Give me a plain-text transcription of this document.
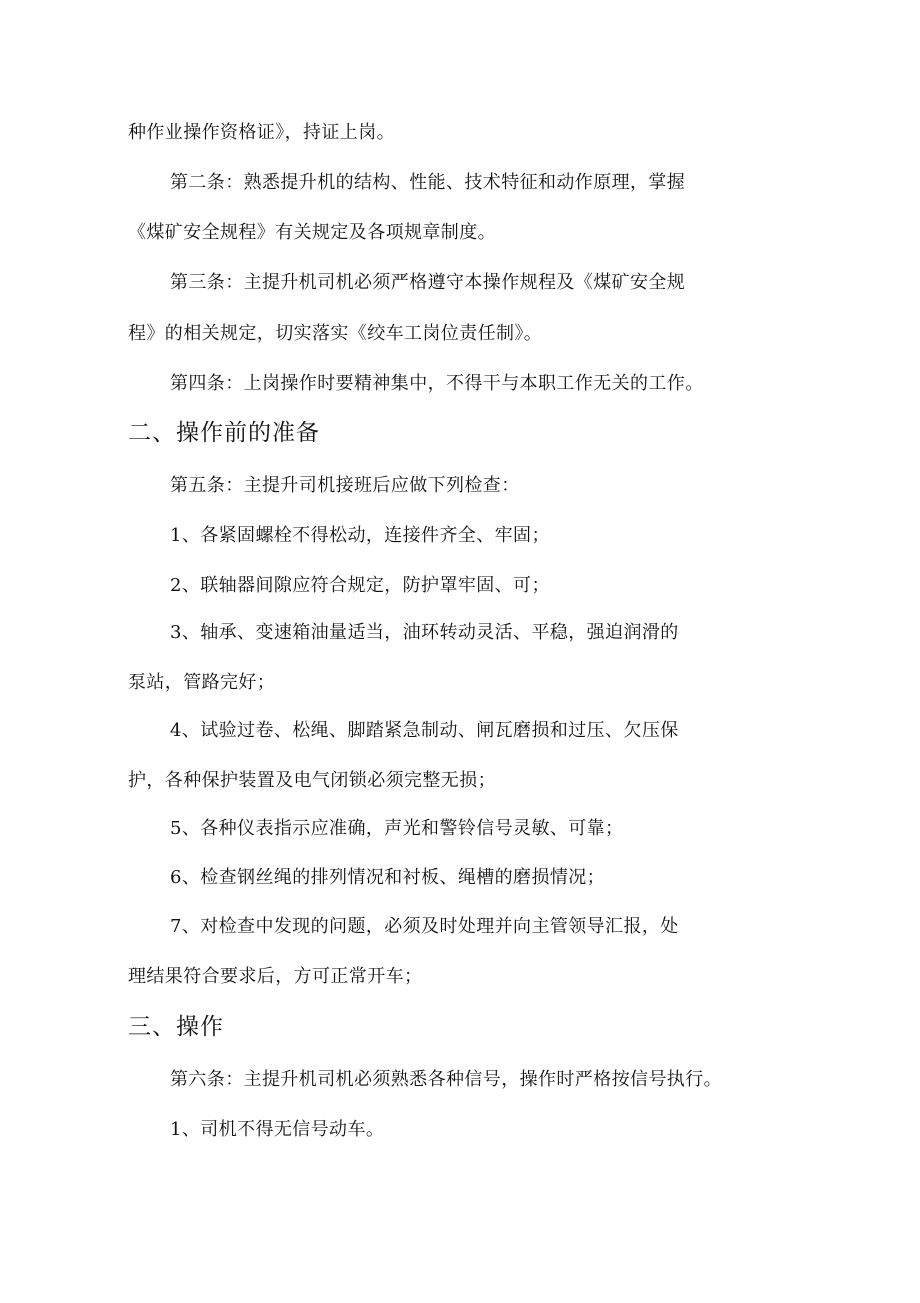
种作业操作资格证》，持证上岗。
第二条：熟悉提升机的结构、性能、技术特征和动作原理，掌握
《煤矿安全规程》有关规定及各项规章制度。
第三条：主提升机司机必须严格遵守本操作规程及《煤矿安全规
程》的相关规定，切实落实《绞车工岗位责任制》。
第四条：上岗操作时要精神集中，不得干与本职工作无关的工作。
二、操作前的准备
第五条：主提升司机接班后应做下列检查：
1、各紧固螺栓不得松动，连接件齐全、牢固；
2、联轴器间隙应符合规定，防护罩牢固、可；
3、轴承、变速箱油量适当，油环转动灵活、平稳，强迫润滑的
泵站，管路完好；
4、试验过卷、松绳、脚踏紧急制动、闸瓦磨损和过压、欠压保
护，各种保护装置及电气闭锁必须完整无损；
5、各种仪表指示应准确，声光和警铃信号灵敏、可靠；
6、检查钢丝绳的排列情况和衬板、绳槽的磨损情况；
7、对检查中发现的问题，必须及时处理并向主管领导汇报，处
理结果符合要求后，方可正常开车；
三、操作
第六条：主提升机司机必须熟悉各种信号，操作时严格按信号执行。
1、司机不得无信号动车。
